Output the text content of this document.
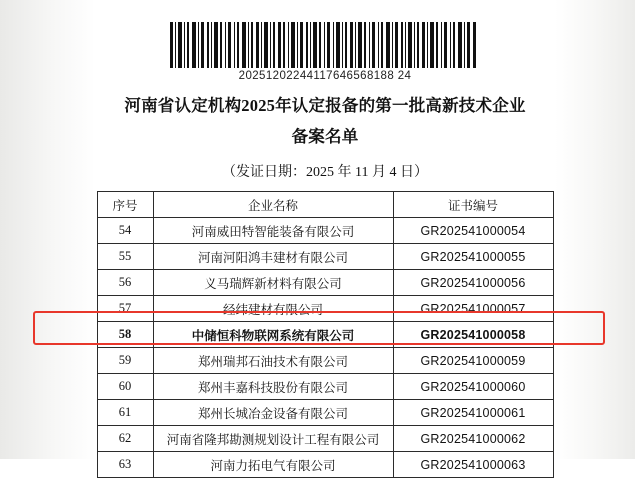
20251202244117646568188 24
河南省认定机构2025年认定报备的第一批高新技术企业
备案名单
（发证日期：2025 年 11 月 4 日）
序号	企业名称	证书编号
54	河南威田特智能装备有限公司	GR202541000054
55	河南河阳鸿丰建材有限公司	GR202541000055
56	义马瑞辉新材料有限公司	GR202541000056
57	经纬建材有限公司	GR202541000057
58	中储恒科物联网系统有限公司	GR202541000058
59	郑州瑞邦石油技术有限公司	GR202541000059
60	郑州丰嘉科技股份有限公司	GR202541000060
61	郑州长城冶金设备有限公司	GR202541000061
62	河南省隆邦勘测规划设计工程有限公司	GR202541000062
63	河南力拓电气有限公司	GR202541000063
